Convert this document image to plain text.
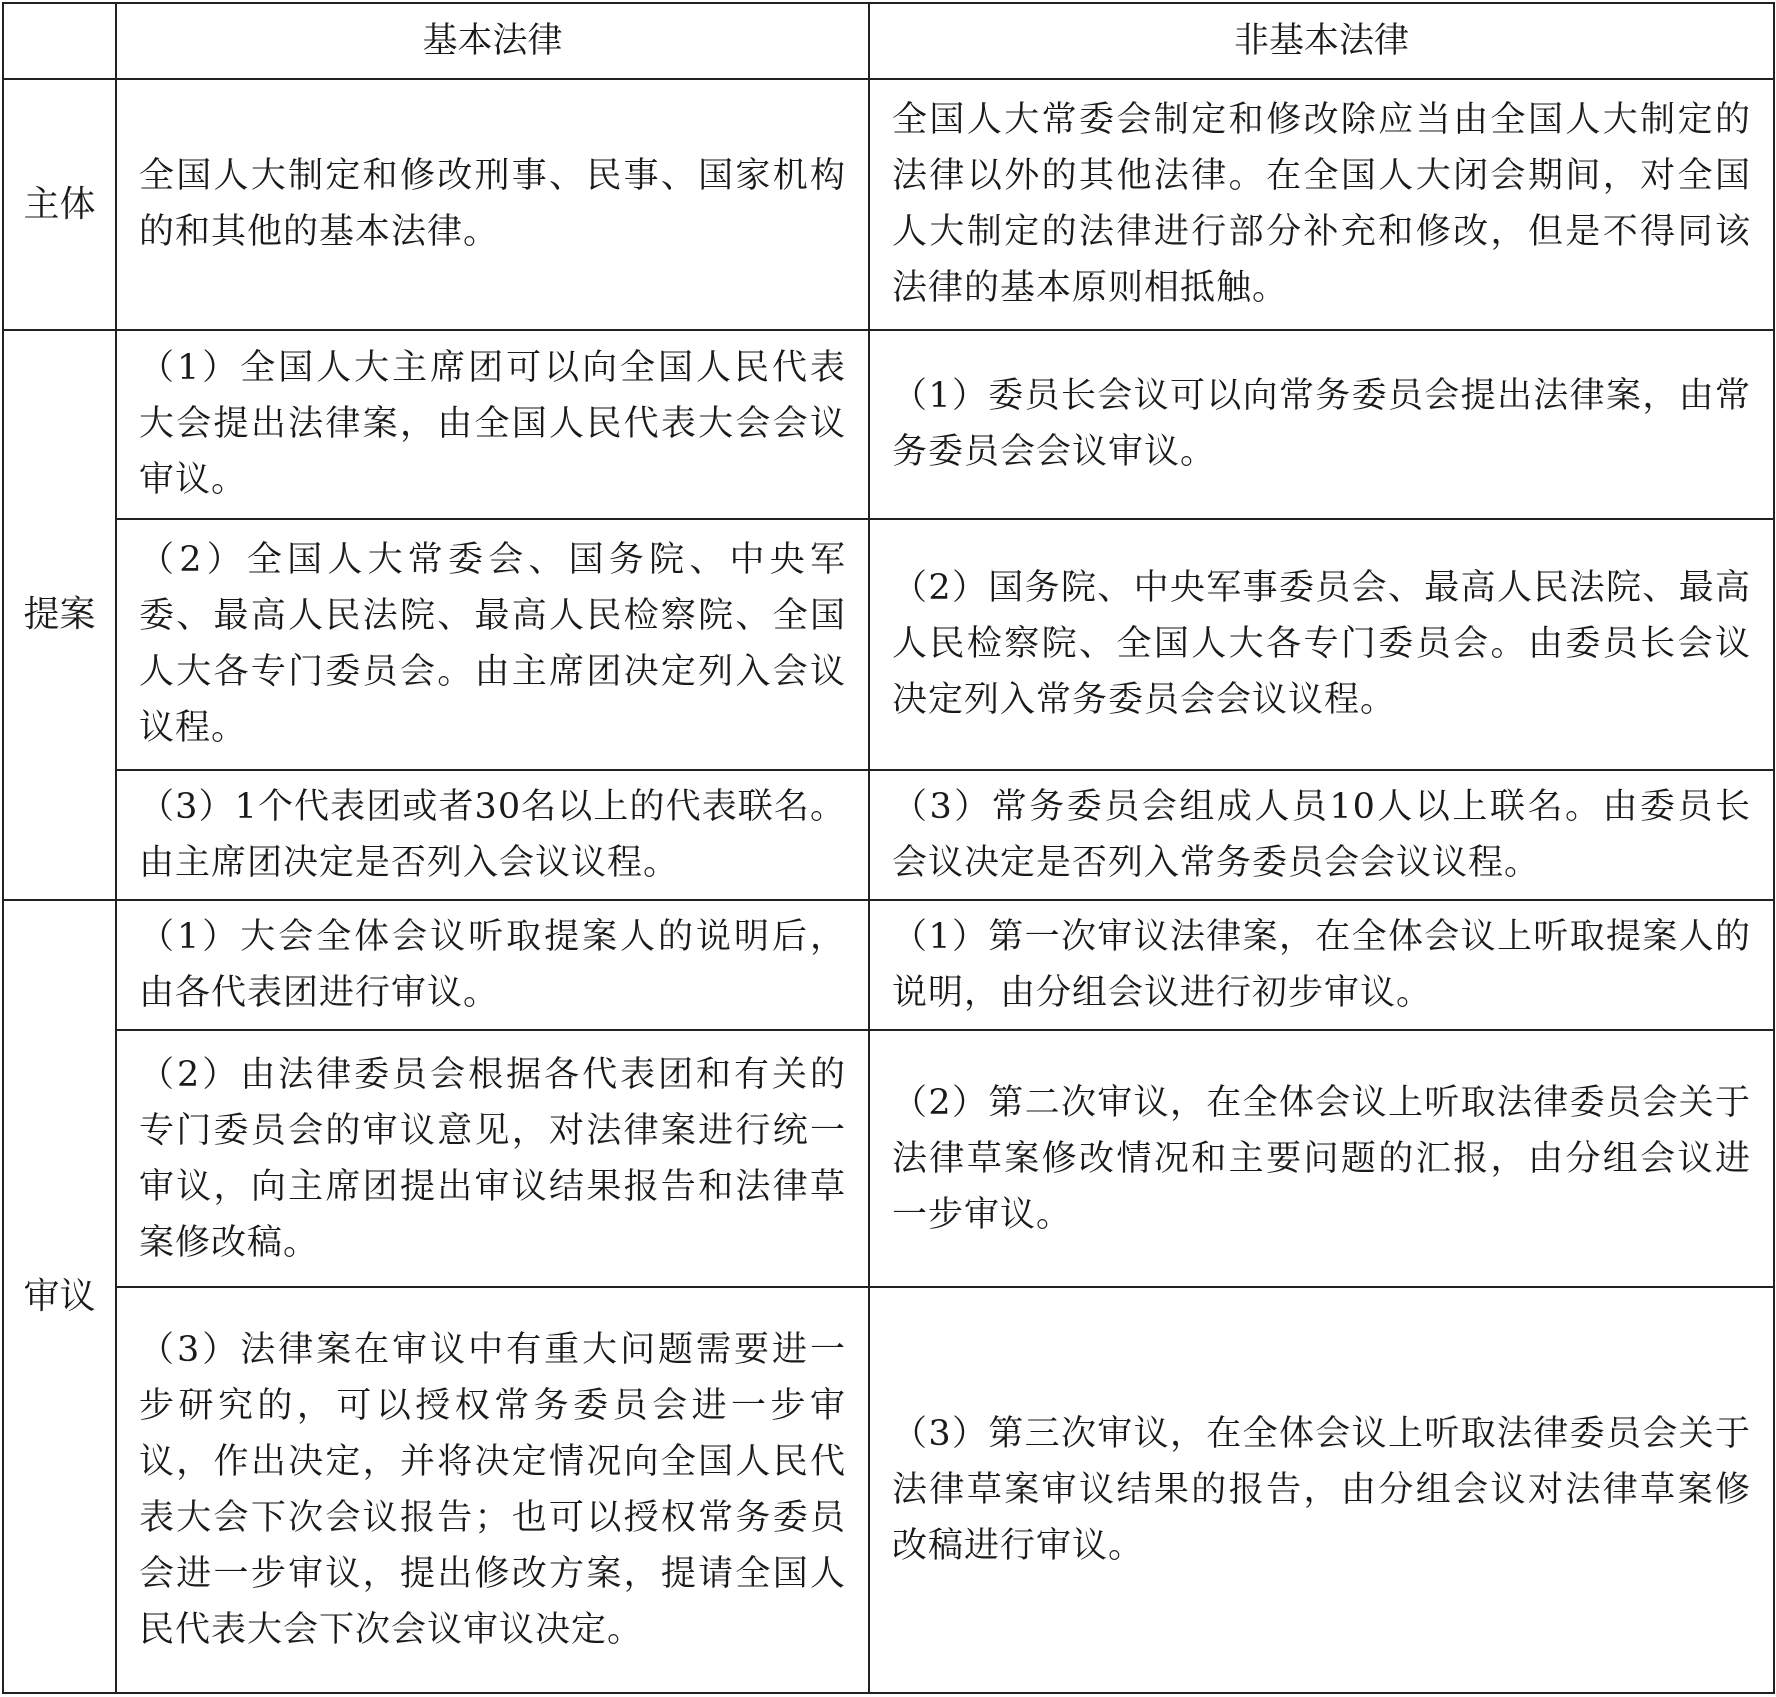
	基本法律	非基本法律
主体	全国人大制定和修改刑事、民事、国家机构的和其他的基本法律。	全国人大常委会制定和修改除应当由全国人大制定的法律以外的其他法律。在全国人大闭会期间，对全国人大制定的法律进行部分补充和修改，但是不得同该法律的基本原则相抵触。
提案	（1）全国人大主席团可以向全国人民代表大会提出法律案，由全国人民代表大会会议审议。	（1）委员长会议可以向常务委员会提出法律案，由常务委员会会议审议。
	（2）全国人大常委会、国务院、中央军委、最高人民法院、最高人民检察院、全国人大各专门委员会。由主席团决定列入会议议程。	（2）国务院、中央军事委员会、最高人民法院、最高人民检察院、全国人大各专门委员会。由委员长会议决定列入常务委员会会议议程。
	（3）1个代表团或者30名以上的代表联名。由主席团决定是否列入会议议程。	（3）常务委员会组成人员10人以上联名。由委员长会议决定是否列入常务委员会会议议程。
审议	（1）大会全体会议听取提案人的说明后，由各代表团进行审议。	（1）第一次审议法律案，在全体会议上听取提案人的说明，由分组会议进行初步审议。
	（2）由法律委员会根据各代表团和有关的专门委员会的审议意见，对法律案进行统一审议，向主席团提出审议结果报告和法律草案修改稿。	（2）第二次审议，在全体会议上听取法律委员会关于法律草案修改情况和主要问题的汇报，由分组会议进一步审议。
	（3）法律案在审议中有重大问题需要进一步研究的，可以授权常务委员会进一步审议，作出决定，并将决定情况向全国人民代表大会下次会议报告；也可以授权常务委员会进一步审议，提出修改方案，提请全国人民代表大会下次会议审议决定。	（3）第三次审议，在全体会议上听取法律委员会关于法律草案审议结果的报告，由分组会议对法律草案修改稿进行审议。
